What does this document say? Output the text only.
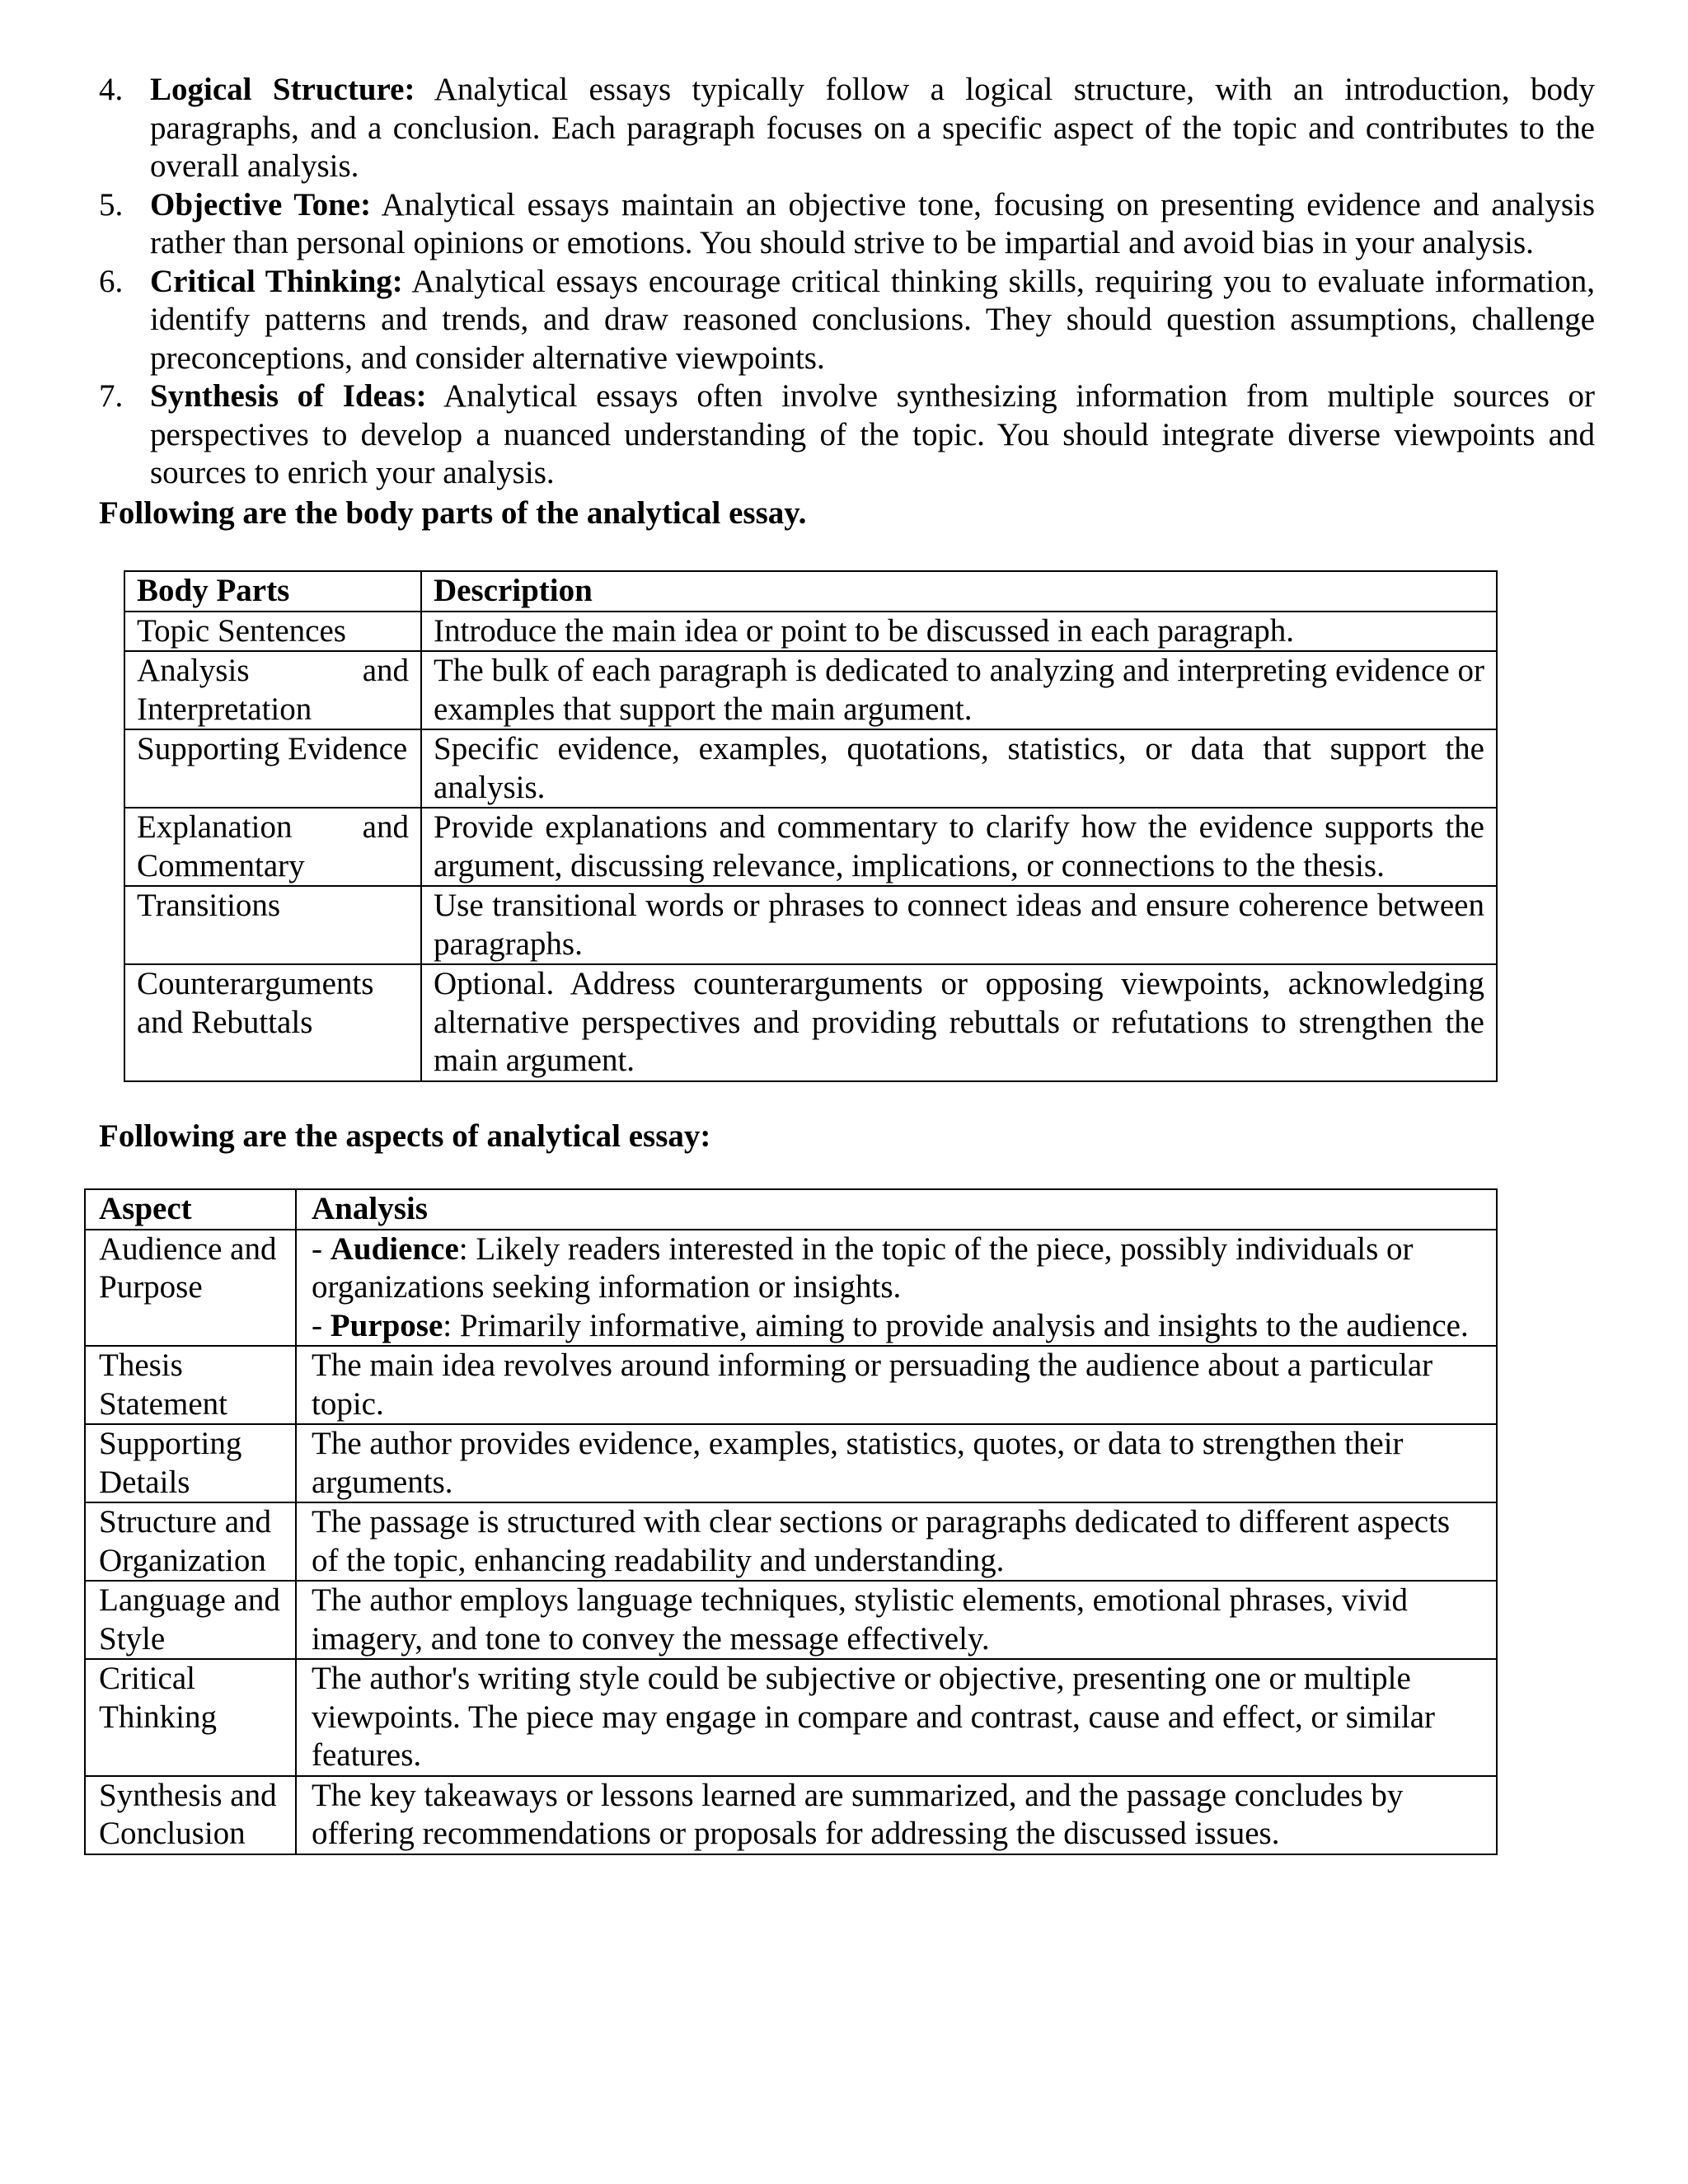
4. Logical Structure: Analytical essays typically follow a logical structure, with an introduction, body paragraphs, and a conclusion. Each paragraph focuses on a specific aspect of the topic and contributes to the overall analysis.
5. Objective Tone: Analytical essays maintain an objective tone, focusing on presenting evidence and analysis rather than personal opinions or emotions. You should strive to be impartial and avoid bias in your analysis.
6. Critical Thinking: Analytical essays encourage critical thinking skills, requiring you to evaluate information, identify patterns and trends, and draw reasoned conclusions. They should question assumptions, challenge preconceptions, and consider alternative viewpoints.
7. Synthesis of Ideas: Analytical essays often involve synthesizing information from multiple sources or perspectives to develop a nuanced understanding of the topic. You should integrate diverse viewpoints and sources to enrich your analysis.

Following are the body parts of the analytical essay.

Body Parts	Description
Topic Sentences	Introduce the main idea or point to be discussed in each paragraph.
Analysis and Interpretation	The bulk of each paragraph is dedicated to analyzing and interpreting evidence or examples that support the main argument.
Supporting Evidence	Specific evidence, examples, quotations, statistics, or data that support the analysis.
Explanation and Commentary	Provide explanations and commentary to clarify how the evidence supports the argument, discussing relevance, implications, or connections to the thesis.
Transitions	Use transitional words or phrases to connect ideas and ensure coherence between paragraphs.
Counterarguments and Rebuttals	Optional. Address counterarguments or opposing viewpoints, acknowledging alternative perspectives and providing rebuttals or refutations to strengthen the main argument.

Following are the aspects of analytical essay:

Aspect	Analysis
Audience and Purpose	- Audience: Likely readers interested in the topic of the piece, possibly individuals or organizations seeking information or insights.
- Purpose: Primarily informative, aiming to provide analysis and insights to the audience.

Thesis Statement	The main idea revolves around informing or persuading the audience about a particular topic.
Supporting Details	The author provides evidence, examples, statistics, quotes, or data to strengthen their arguments.
Structure and Organization	The passage is structured with clear sections or paragraphs dedicated to different aspects of the topic, enhancing readability and understanding.
Language and Style	The author employs language techniques, stylistic elements, emotional phrases, vivid imagery, and tone to convey the message effectively.
Critical Thinking	The author's writing style could be subjective or objective, presenting one or multiple viewpoints. The piece may engage in compare and contrast, cause and effect, or similar features.
Synthesis and Conclusion	The key takeaways or lessons learned are summarized, and the passage concludes by offering recommendations or proposals for addressing the discussed issues.
